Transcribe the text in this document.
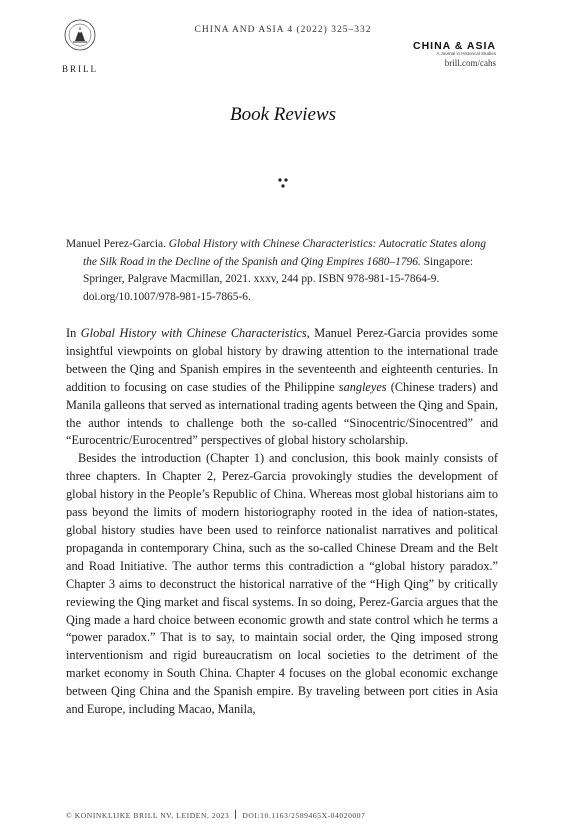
BRILL
CHINA AND ASIA 4 (2022) 325–332
CHINA & ASIA
A Journal in Historical Studies
brill.com/cahs
Book Reviews
Manuel Perez-Garcia. Global History with Chinese Characteristics: Autocratic States along the Silk Road in the Decline of the Spanish and Qing Empires 1680–1796. Singapore: Springer, Palgrave Macmillan, 2021. xxxv, 244 pp. ISBN 978-981-15-7864-9. doi.org/10.1007/978-981-15-7865-6.

In Global History with Chinese Characteristics, Manuel Perez-Garcia provides some insightful viewpoints on global history by drawing attention to the international trade between the Qing and Spanish empires in the seventeenth and eighteenth centuries. In addition to focusing on case studies of the Philippine sangleyes (Chinese traders) and Manila galleons that served as international trading agents between the Qing and Spain, the author intends to challenge both the so-called “Sinocentric/Sinocentred” and “Eurocentric/Eurocentred” perspectives of global history scholarship.

Besides the introduction (Chapter 1) and conclusion, this book mainly consists of three chapters. In Chapter 2, Perez-Garcia provokingly studies the development of global history in the People’s Republic of China. Whereas most global historians aim to pass beyond the limits of modern historiography rooted in the idea of nation-states, global history studies have been used to reinforce nationalist narratives and political propaganda in contemporary China, such as the so-called Chinese Dream and the Belt and Road Initiative. The author terms this contradiction a “global history paradox.” Chapter 3 aims to deconstruct the historical narrative of the “High Qing” by critically reviewing the Qing market and fiscal systems. In so doing, Perez-Garcia argues that the Qing made a hard choice between economic growth and state control which he terms a “power paradox.” That is to say, to maintain social order, the Qing imposed strong interventionism and rigid bureaucratism on local societies to the detriment of the market economy in South China. Chapter 4 focuses on the global economic exchange between Qing China and the Spanish empire. By traveling between port cities in Asia and Europe, including Macao, Manila,

© KONINKLIJKE BRILL NV, LEIDEN, 2023 DOI:10.1163/2589465X-04020007
